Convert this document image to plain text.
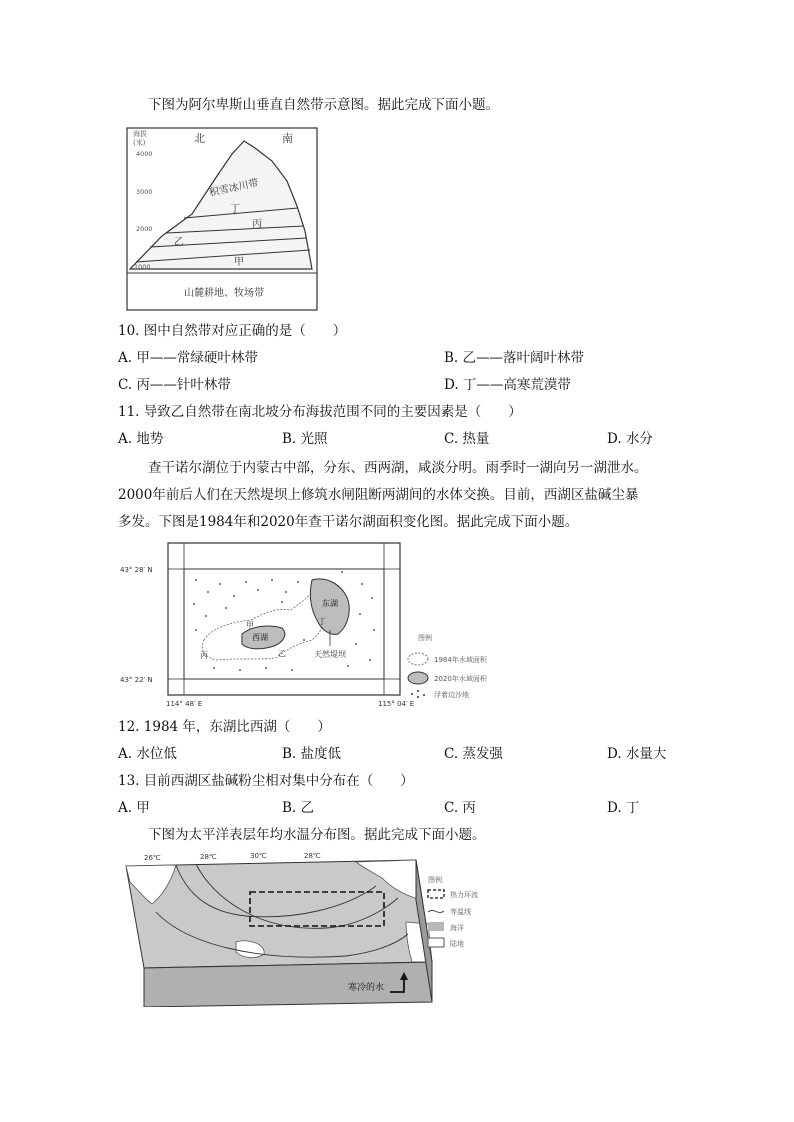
下图为阿尔卑斯山垂直自然带示意图。据此完成下面小题。
海拔
(米)
4000
3000
2000
1000
北	南
积雪冰川带
丁
丙
乙
甲
山麓耕地、牧场带
10. 图中自然带对应正确的是（　　）
A. 甲——常绿硬叶林带	B. 乙——落叶阔叶林带
C. 丙——针叶林带	D. 丁——高寒荒漠带
11. 导致乙自然带在南北坡分布海拔范围不同的主要因素是（　　）
A. 地势	B. 光照	C. 热量	D. 水分
查干诺尔湖位于内蒙古中部，分东、西两湖，咸淡分明。雨季时一湖向另一湖泄水。2000年前后人们在天然堤坝上修筑水闸阻断两湖间的水体交换。目前，西湖区盐碱尘暴多发。下图是1984年和2020年查干诺尔湖面积变化图。据此完成下面小题。
43° 28′ N
43° 22′ N
114° 48′ E	115° 04′ E
东湖
西湖
甲
乙
丙
丁
天然堤坝
图例
1984年水域面积
2020年水域面积
浮着边沙地
12. 1984 年，东湖比西湖（　　）
A. 水位低	B. 盐度低	C. 蒸发强	D. 水量大
13. 目前西湖区盐碱粉尘相对集中分布在（　　）
A. 甲	B. 乙	C. 丙	D. 丁
下图为太平洋表层年均水温分布图。据此完成下面小题。
26℃	28℃	30℃	28℃
寒冷的水
图例
热力环流
等温线
海洋
陆地
